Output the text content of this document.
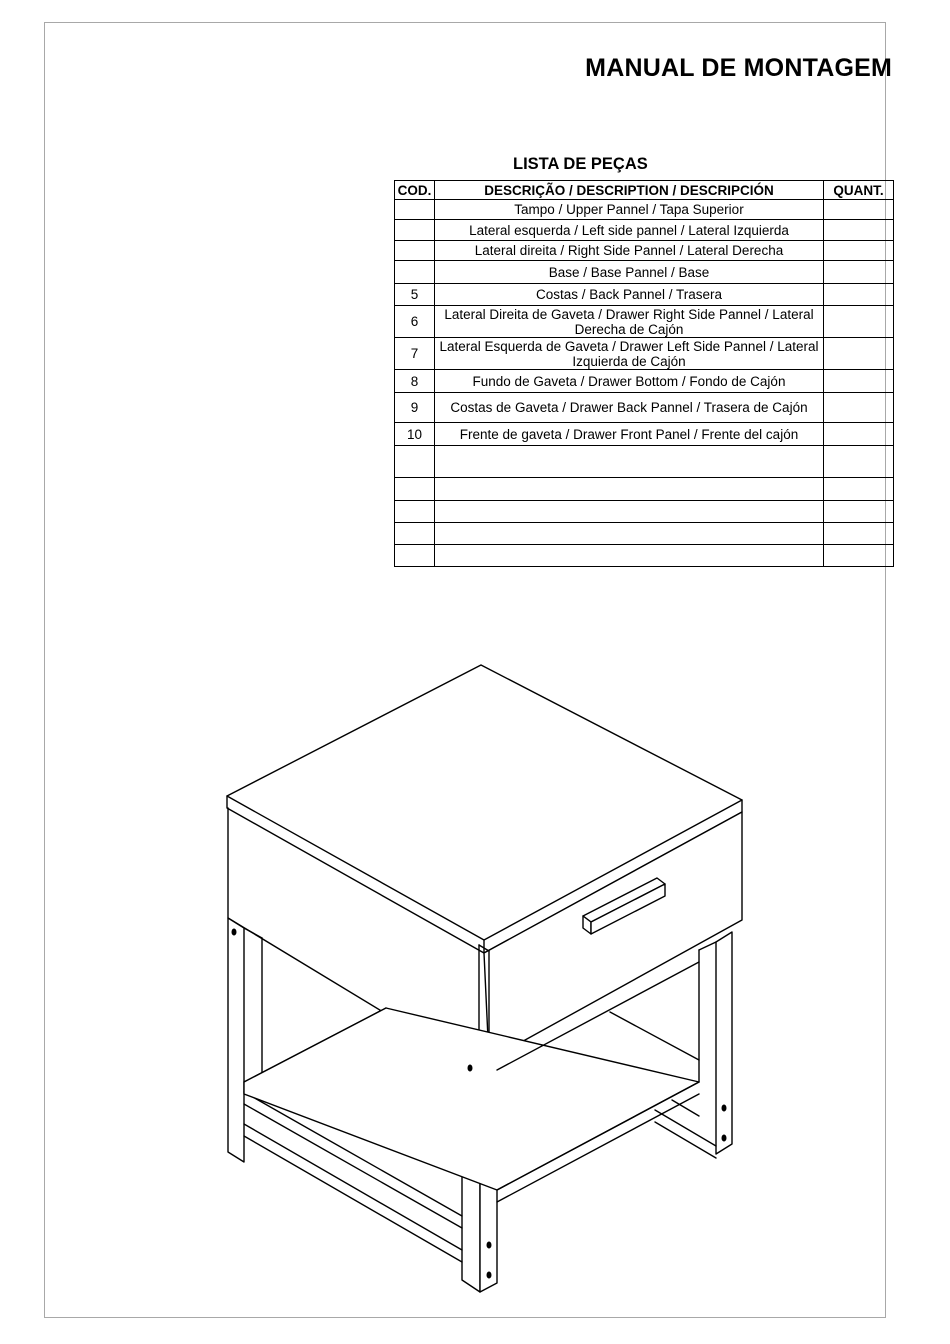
MANUAL DE MONTAGEM
LISTA DE PEÇAS
COD.	DESCRIÇÃO / DESCRIPTION / DESCRIPCIÓN	QUANT.
	Tampo / Upper Pannel / Tapa Superior	
	Lateral esquerda / Left side pannel / Lateral Izquierda	
	Lateral direita / Right Side Pannel / Lateral Derecha	
	Base / Base Pannel / Base	
5	Costas / Back Pannel / Trasera	
6	Lateral Direita de Gaveta / Drawer Right Side Pannel / Lateral Derecha de Cajón	
7	Lateral Esquerda de Gaveta / Drawer Left Side Pannel / Lateral Izquierda de Cajón	
8	Fundo de Gaveta / Drawer Bottom / Fondo de Cajón	
9	Costas de Gaveta / Drawer Back Pannel / Trasera de Cajón	
10	Frente de gaveta / Drawer Front Panel / Frente del cajón	
